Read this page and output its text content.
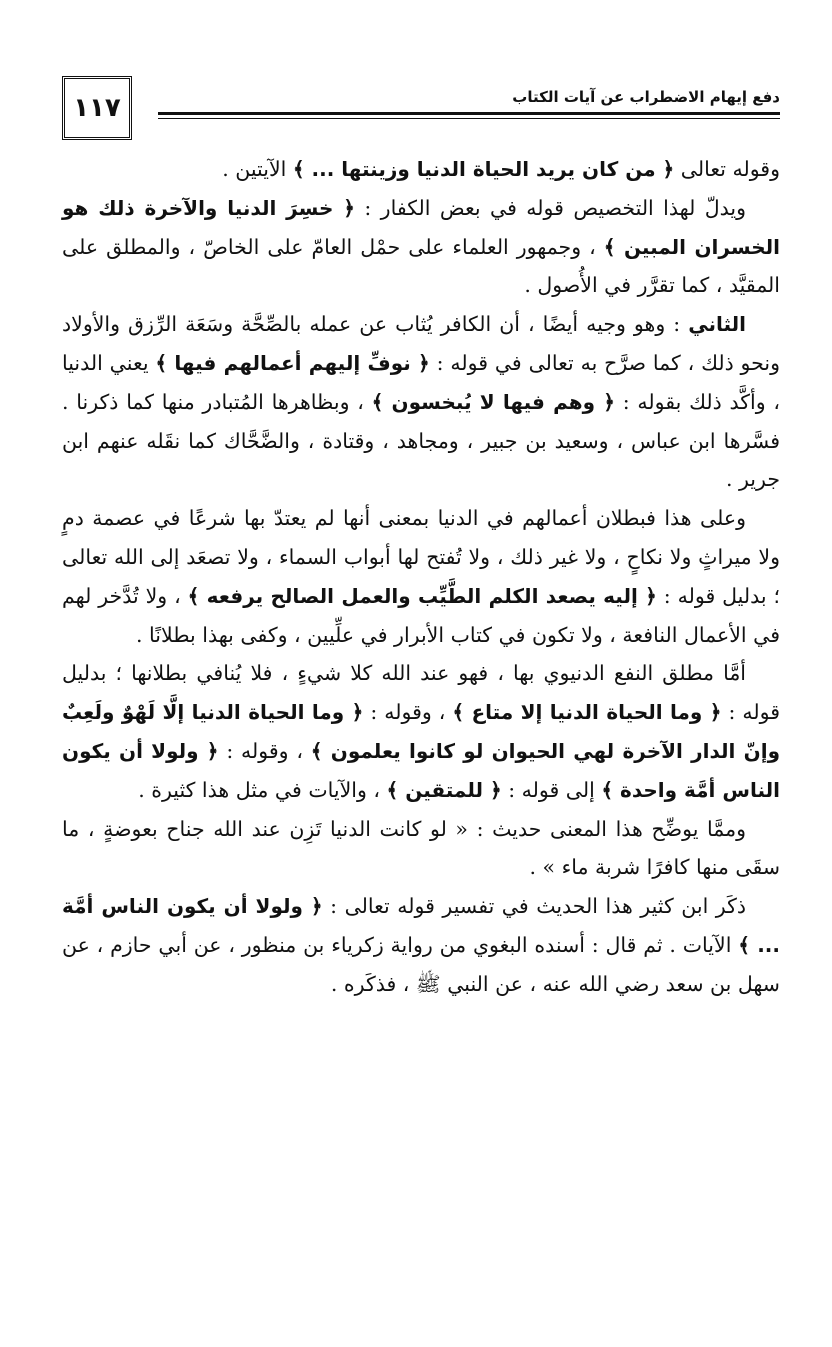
١١٧	دفع إيهام الاضطراب عن آيات الكتاب

وقوله تعالى ﴿ من كان يريد الحياة الدنيا وزينتها ... ﴾ الآيتين .

ويدلّ لهذا التخصيص قوله في بعض الكفار : ﴿ خسِرَ الدنيا والآخرة ذلك هو الخسران المبين ﴾ ، وجمهور العلماء على حمْل العامّ على الخاصّ ، والمطلق على المقيَّد ، كما تقرَّر في الأُصول .

الثاني : وهو وجيه أيضًا ، أن الكافر يُثاب عن عمله بالصِّحَّة وسَعَة الرِّزق والأولاد ونحو ذلك ، كما صرَّح به تعالى في قوله : ﴿ نوفِّ إليهم أعمالهم فيها ﴾ يعني الدنيا ، وأكَّد ذلك بقوله : ﴿ وهم فيها لا يُبخسون ﴾ ، وبظاهرها المُتبادر منها كما ذكرنا . فسَّرها ابن عباس ، وسعيد بن جبير ، ومجاهد ، وقتادة ، والضَّحَّاك كما نقَله عنهم ابن جرير .

وعلى هذا فبطلان أعمالهم في الدنيا بمعنى أنها لم يعتدّ بها شرعًا في عصمة دمٍ ولا ميراثٍ ولا نكاحٍ ، ولا غير ذلك ، ولا تُفتح لها أبواب السماء ، ولا تصعَد إلى الله تعالى ؛ بدليل قوله : ﴿ إليه يصعد الكلم الطَّيِّب والعمل الصالح يرفعه ﴾ ، ولا تُدَّخر لهم في الأعمال النافعة ، ولا تكون في كتاب الأبرار في علِّيين ، وكفى بهذا بطلانًا .

أمَّا مطلق النفع الدنيوي بها ، فهو عند الله كلا شيءٍ ، فلا يُنافي بطلانها ؛ بدليل قوله : ﴿ وما الحياة الدنيا إلا متاع ﴾ ، وقوله : ﴿ وما الحياة الدنيا إلَّا لَهْوٌ ولَعِبٌ وإنّ الدار الآخرة لهي الحيوان لو كانوا يعلمون ﴾ ، وقوله : ﴿ ولولا أن يكون الناس أمَّة واحدة ﴾ إلى قوله : ﴿ للمتقين ﴾ ، والآيات في مثل هذا كثيرة .

وممَّا يوضِّح هذا المعنى حديث : « لو كانت الدنيا تَزِن عند الله جناح بعوضةٍ ، ما سقَى منها كافرًا شربة ماء » .

ذكَر ابن كثير هذا الحديث في تفسير قوله تعالى : ﴿ ولولا أن يكون الناس أمَّة ... ﴾ الآيات . ثم قال : أسنده البغوي من رواية زكرياء بن منظور ، عن أبي حازم ، عن سهل بن سعد رضي الله عنه ، عن النبي ﷺ ، فذكَره .
